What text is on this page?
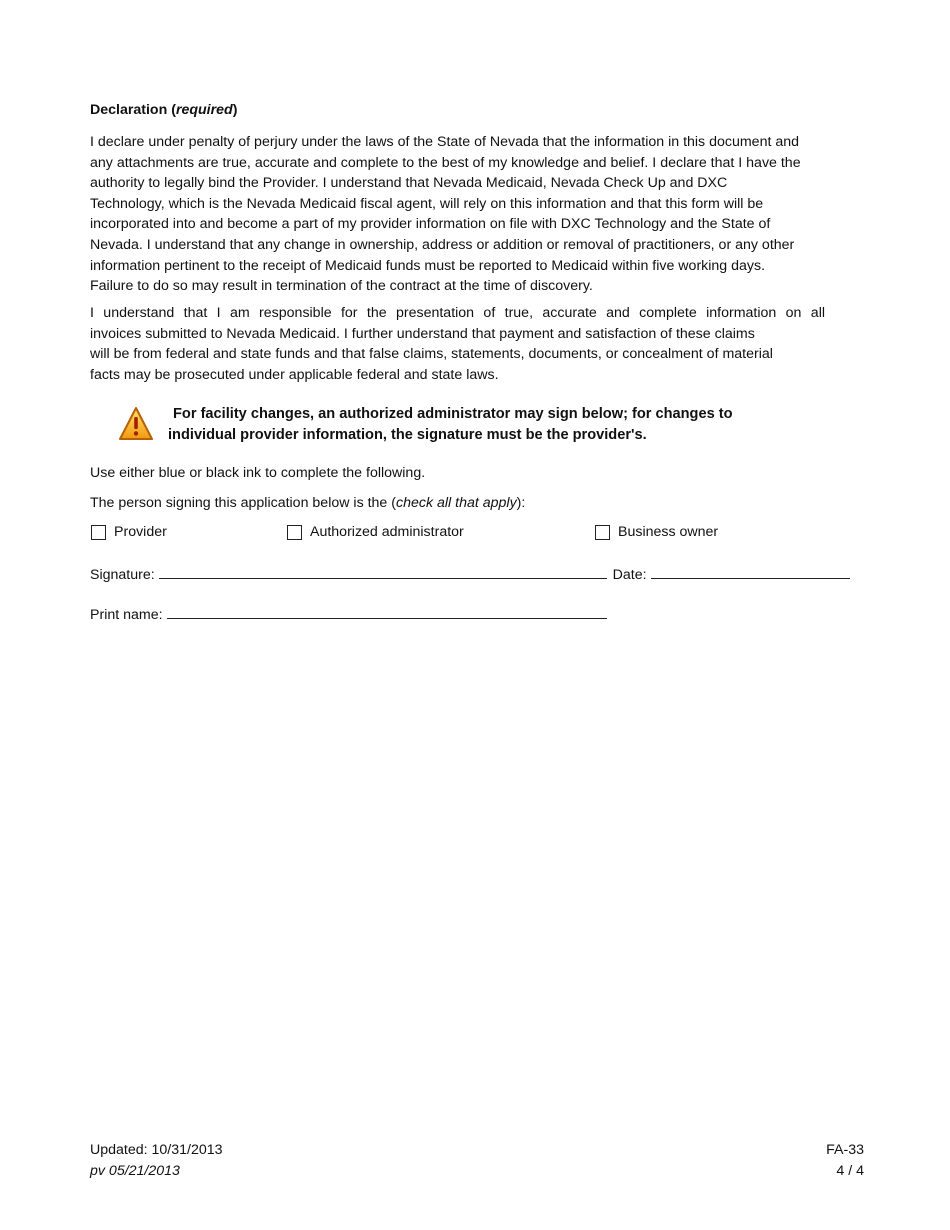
Declaration (required)
I declare under penalty of perjury under the laws of the State of Nevada that the information in this document and
any attachments are true, accurate and complete to the best of my knowledge and belief. I declare that I have the
authority to legally bind the Provider. I understand that Nevada Medicaid, Nevada Check Up and DXC
Technology, which is the Nevada Medicaid fiscal agent, will rely on this information and that this form will be
incorporated into and become a part of my provider information on file with DXC Technology and the State of
Nevada. I understand that any change in ownership, address or addition or removal of practitioners, or any other
information pertinent to the receipt of Medicaid funds must be reported to Medicaid within five working days.
Failure to do so may result in termination of the contract at the time of discovery.
I understand that I am responsible for the presentation of true, accurate and complete information on all
invoices submitted to Nevada Medicaid. I further understand that payment and satisfaction of these claims
will be from federal and state funds and that false claims, statements, documents, or concealment of material
facts may be prosecuted under applicable federal and state laws.
For facility changes, an authorized administrator may sign below; for changes to
individual provider information, the signature must be the provider's.
Use either blue or black ink to complete the following.
The person signing this application below is the (check all that apply):
Provider	Authorized administrator	Business owner
Signature:	Date:
Print name:
Updated: 10/31/2013
pv 05/21/2013
FA-33
4 / 4
